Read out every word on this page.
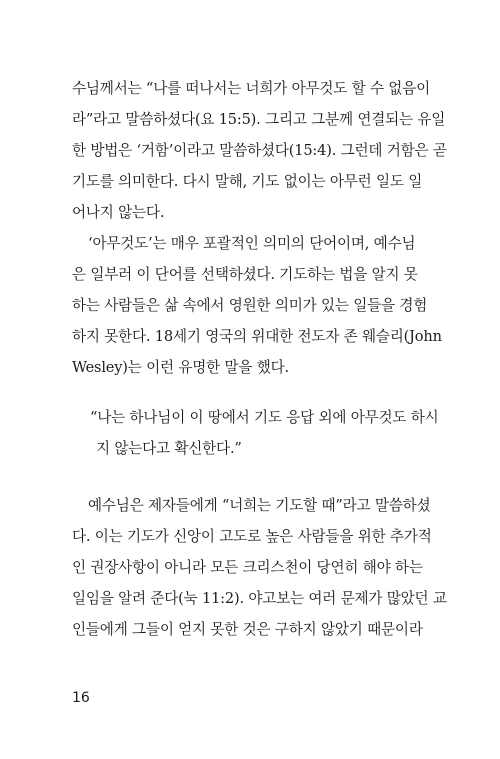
수님께서는 “나를 떠나서는 너희가 아무것도 할 수 없음이
라”라고 말씀하셨다(요 15:5). 그리고 그분께 연결되는 유일
한 방법은 ‘거함’이라고 말씀하셨다(15:4). 그런데 거함은 곧
기도를 의미한다. 다시 말해, 기도 없이는 아무런 일도 일
어나지 않는다.
‘아무것도’는 매우 포괄적인 의미의 단어이며, 예수님
은 일부러 이 단어를 선택하셨다. 기도하는 법을 알지 못
하는 사람들은 삶 속에서 영원한 의미가 있는 일들을 경험
하지 못한다. 18세기 영국의 위대한 전도자 존 웨슬리(John
Wesley)는 이런 유명한 말을 했다.
“나는 하나님이 이 땅에서 기도 응답 외에 아무것도 하시
지 않는다고 확신한다.”
예수님은 제자들에게 “너희는 기도할 때”라고 말씀하셨
다. 이는 기도가 신앙이 고도로 높은 사람들을 위한 추가적
인 권장사항이 아니라 모든 크리스천이 당연히 해야 하는
일임을 알려 준다(눅 11:2). 야고보는 여러 문제가 많았던 교
인들에게 그들이 얻지 못한 것은 구하지 않았기 때문이라
16
